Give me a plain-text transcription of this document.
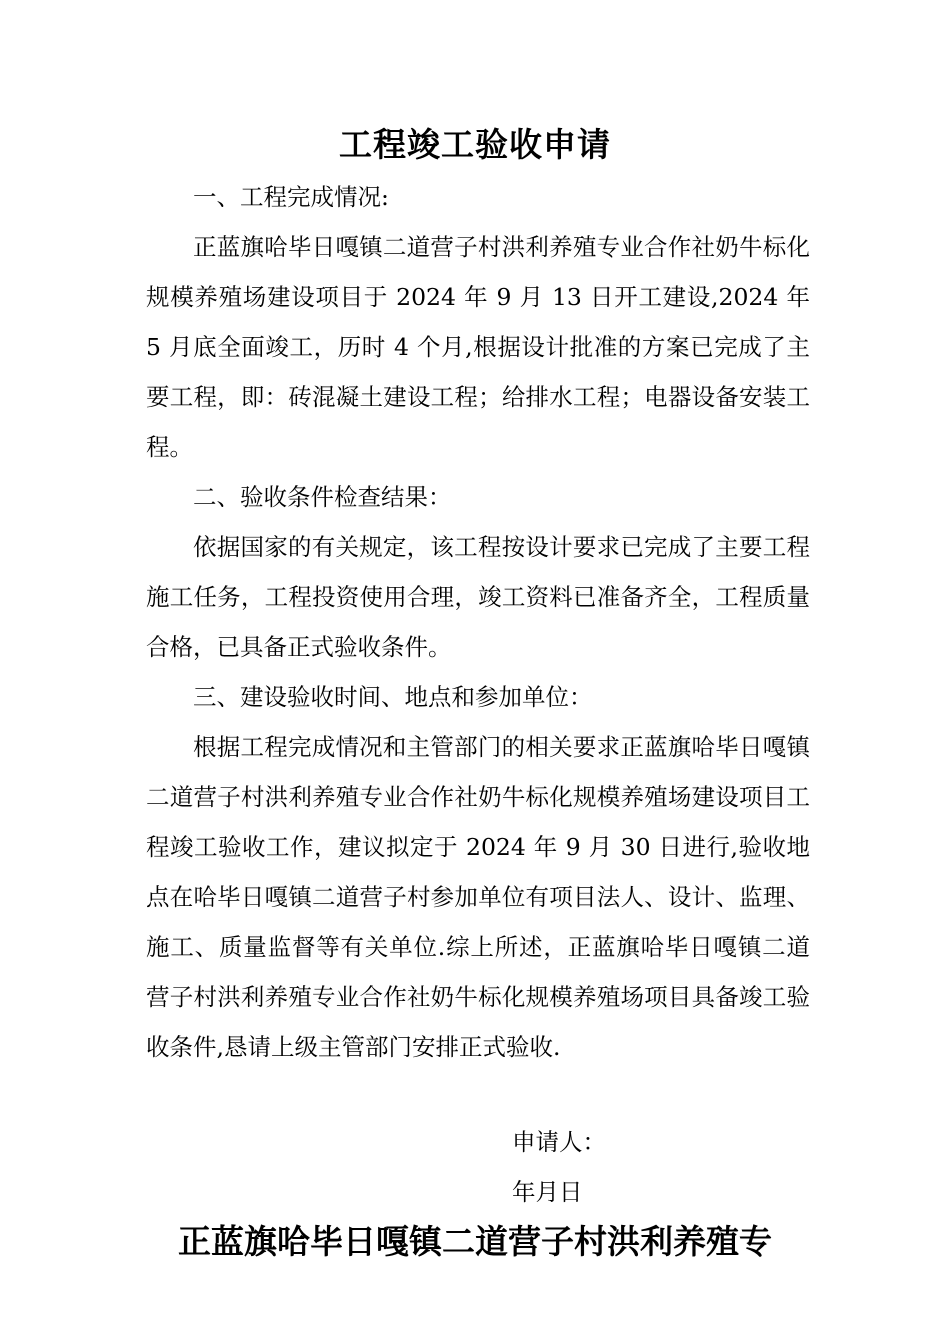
工程竣工验收申请

一、工程完成情况:

正蓝旗哈毕日嘎镇二道营子村洪利养殖专业合作社奶牛标化规模养殖场建设项目于 2024 年 9 月 13 日开工建设,2024 年 5 月底全面竣工，历时 4 个月,根据设计批准的方案已完成了主要工程，即：砖混凝土建设工程；给排水工程；电器设备安装工程。

二、验收条件检查结果：

依据国家的有关规定，该工程按设计要求已完成了主要工程施工任务，工程投资使用合理，竣工资料已准备齐全，工程质量合格，已具备正式验收条件。

三、建设验收时间、地点和参加单位：

根据工程完成情况和主管部门的相关要求正蓝旗哈毕日嘎镇二道营子村洪利养殖专业合作社奶牛标化规模养殖场建设项目工程竣工验收工作，建议拟定于 2024 年 9 月 30 日进行,验收地点在哈毕日嘎镇二道营子村参加单位有项目法人、设计、监理、施工、质量监督等有关单位.综上所述，正蓝旗哈毕日嘎镇二道营子村洪利养殖专业合作社奶牛标化规模养殖场项目具备竣工验收条件,恳请上级主管部门安排正式验收.

申请人：
年月日
正蓝旗哈毕日嘎镇二道营子村洪利养殖专
